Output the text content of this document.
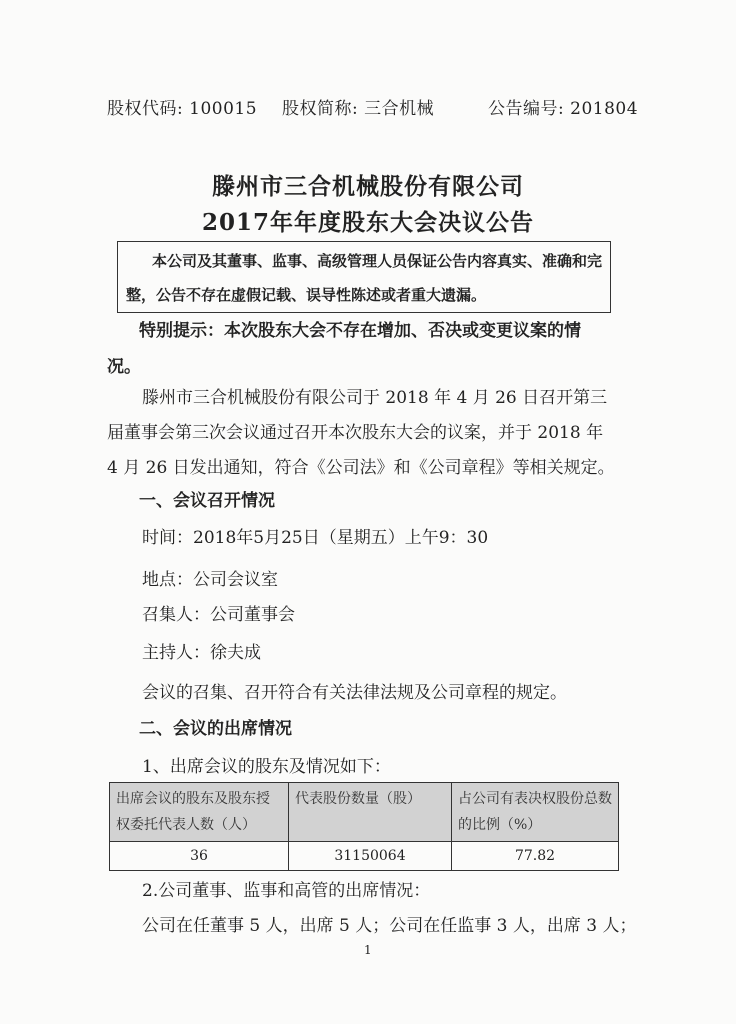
股权代码: 100015 股权简称: 三合机械	公告编号: 201804
滕州市三合机械股份有限公司
2017年年度股东大会决议公告
本公司及其董事、监事、高级管理人员保证公告内容真实、准确和完
整，公告不存在虚假记载、误导性陈述或者重大遗漏。
特别提示：本次股东大会不存在增加、否决或变更议案的情
况。
滕州市三合机械股份有限公司于 2018 年 4 月 26 日召开第三
届董事会第三次会议通过召开本次股东大会的议案，并于 2018 年
4 月 26 日发出通知，符合《公司法》和《公司章程》等相关规定。
一、会议召开情况
时间：2018年5月25日（星期五）上午9：30
地点：公司会议室
召集人：公司董事会
主持人：徐夫成
会议的召集、召开符合有关法律法规及公司章程的规定。
二、会议的出席情况
1、出席会议的股东及情况如下：
出席会议的股东及股东授权委托代表人数（人）	代表股份数量（股）	占公司有表决权股份总数的比例（%）
36	31150064	77.82
2.公司董事、监事和高管的出席情况：
公司在任董事 5 人，出席 5 人；公司在任监事 3 人，出席 3 人；
1
